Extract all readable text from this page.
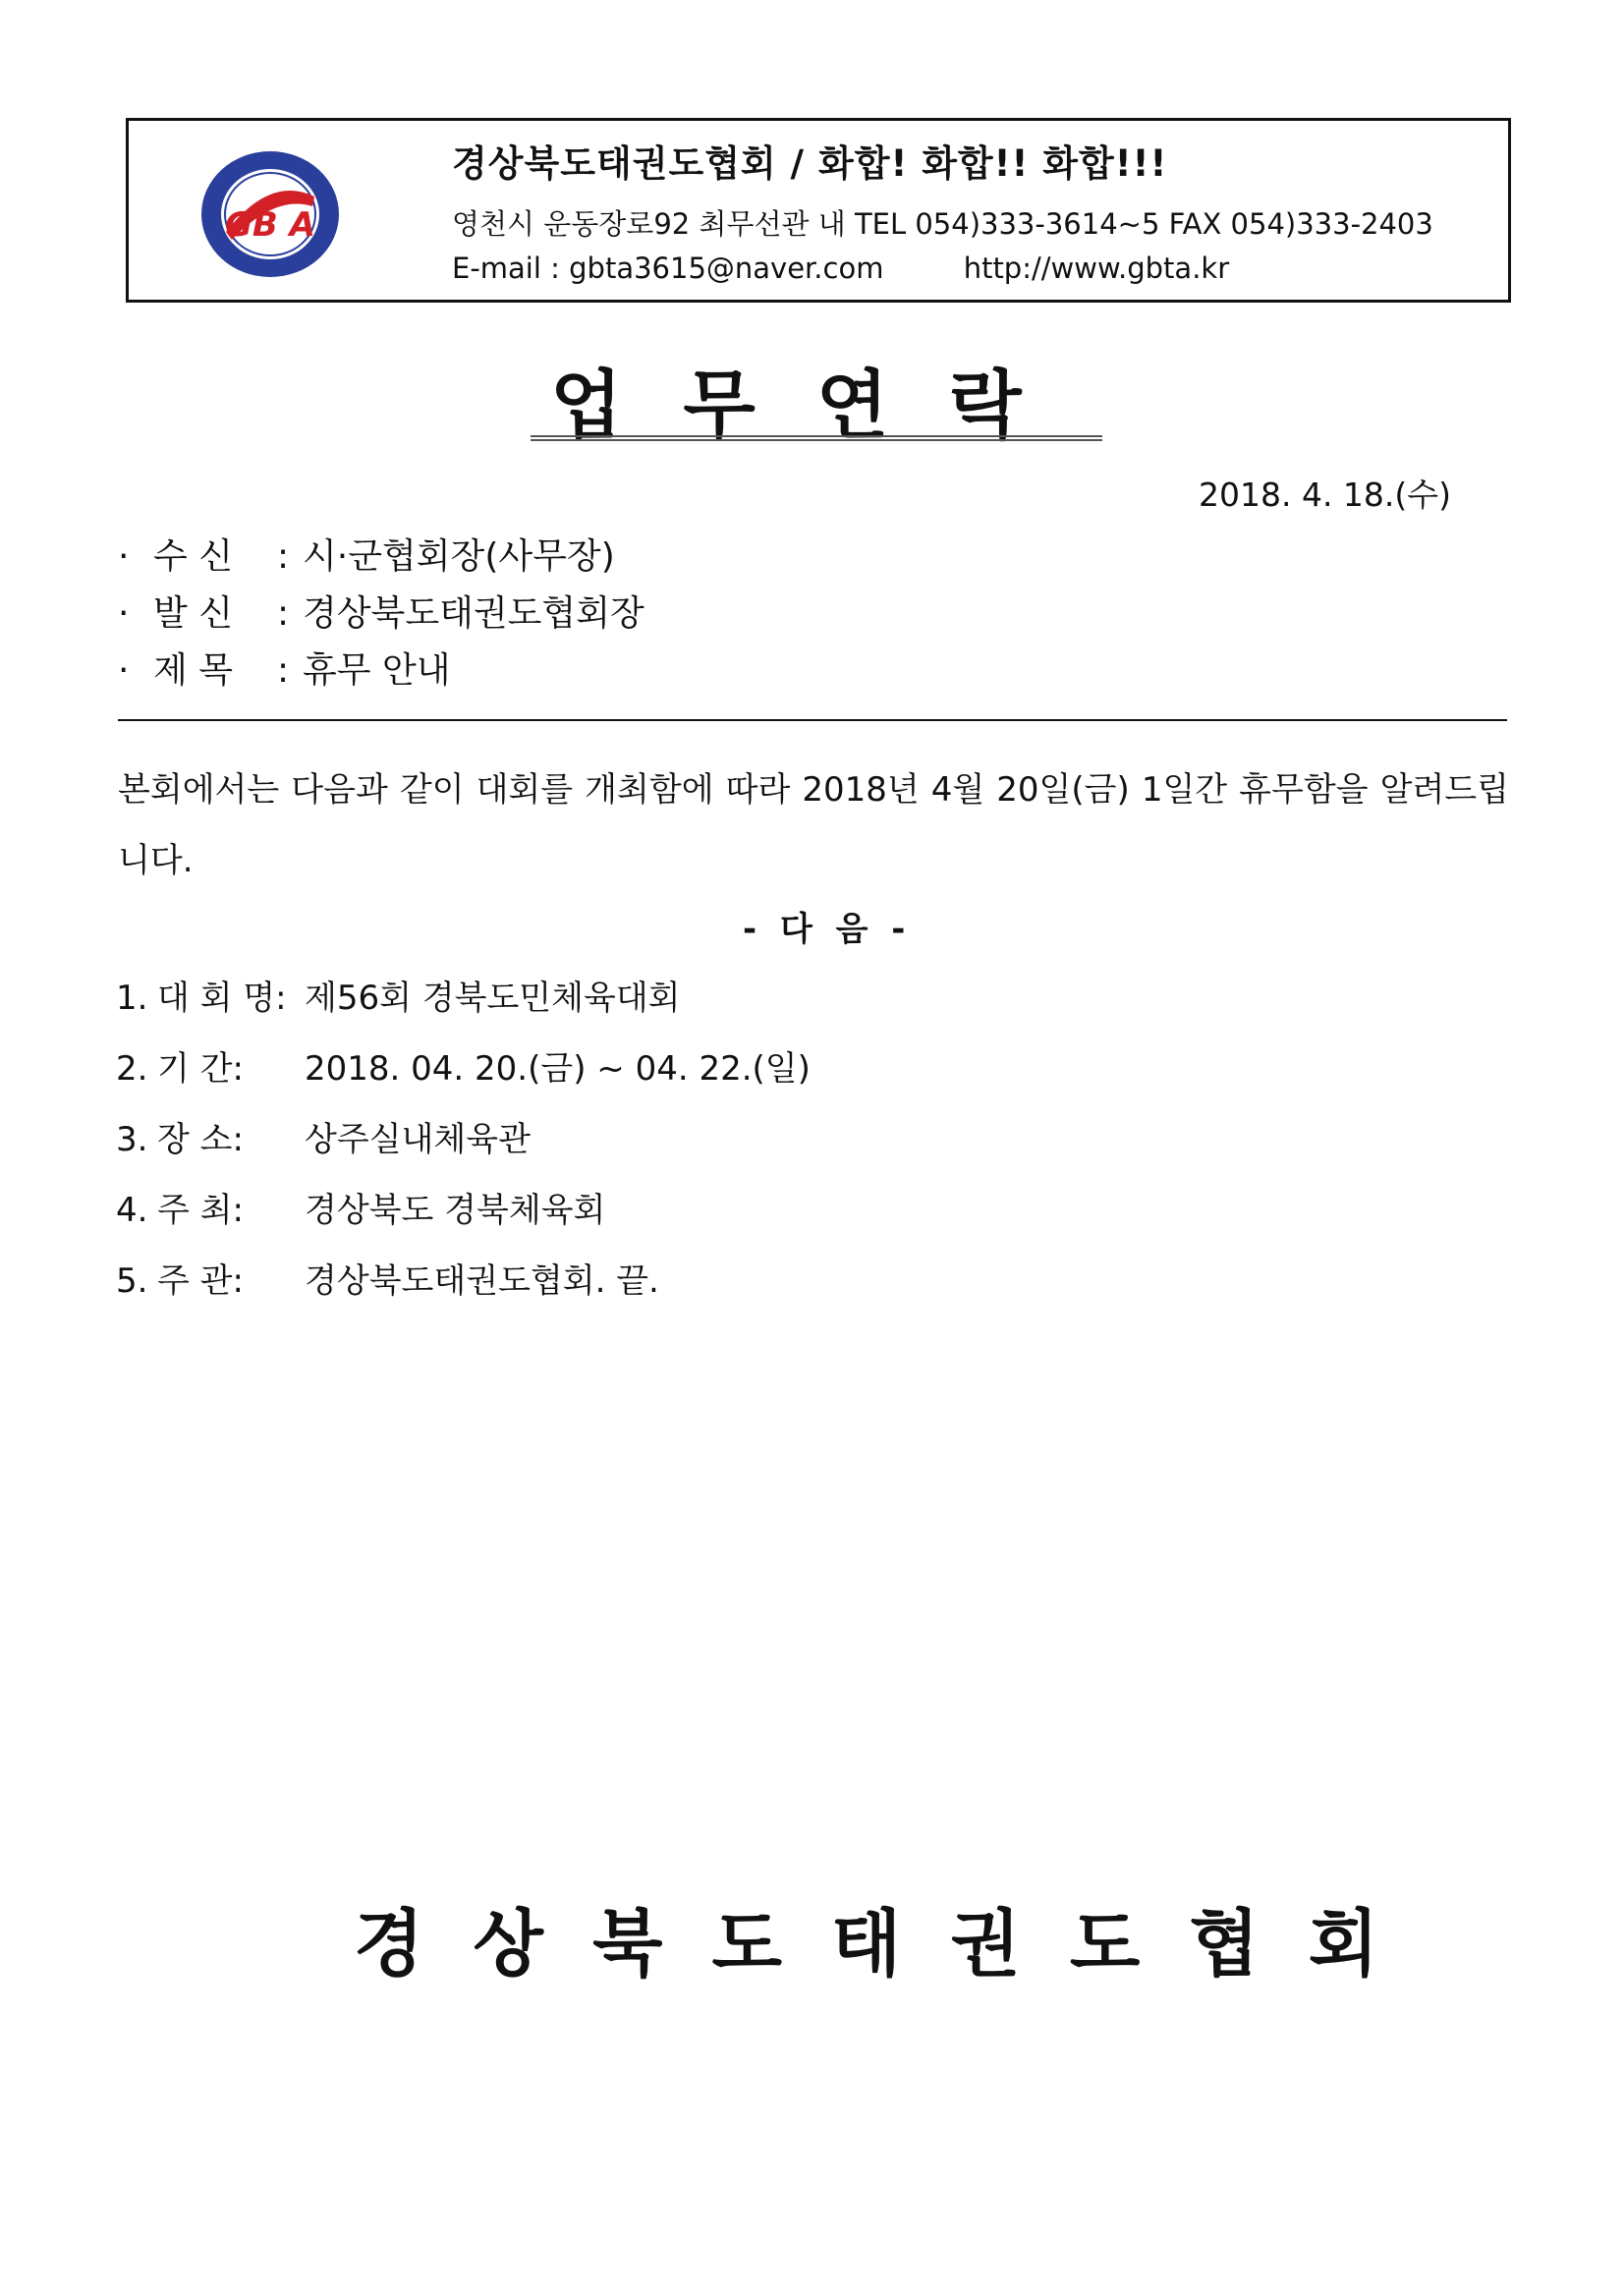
GB A
경상북도태권도협회 / 화합! 화합!! 화합!!!
영천시 운동장로92 최무선관 내 TEL 054)333-3614~5 FAX 054)333-2403
E-mail : gbta3615@naver.com	http://www.gbta.kr
업무연락
2018. 4. 18.(수)
· 수 신 : 시·군협회장(사무장)
· 발 신 : 경상북도태권도협회장
· 제 목 : 휴무 안내
본회에서는 다음과 같이 대회를 개최함에 따라 2018년 4월 20일(금) 1일간 휴무함을 알려드립니다.
- 다 음 -
1. 대 회 명: 제56회 경북도민체육대회
2. 기 간: 2018. 04. 20.(금) ~ 04. 22.(일)
3. 장 소: 상주실내체육관
4. 주 최: 경상북도 경북체육회
5. 주 관: 경상북도태권도협회. 끝.
경상북도태권도협회
